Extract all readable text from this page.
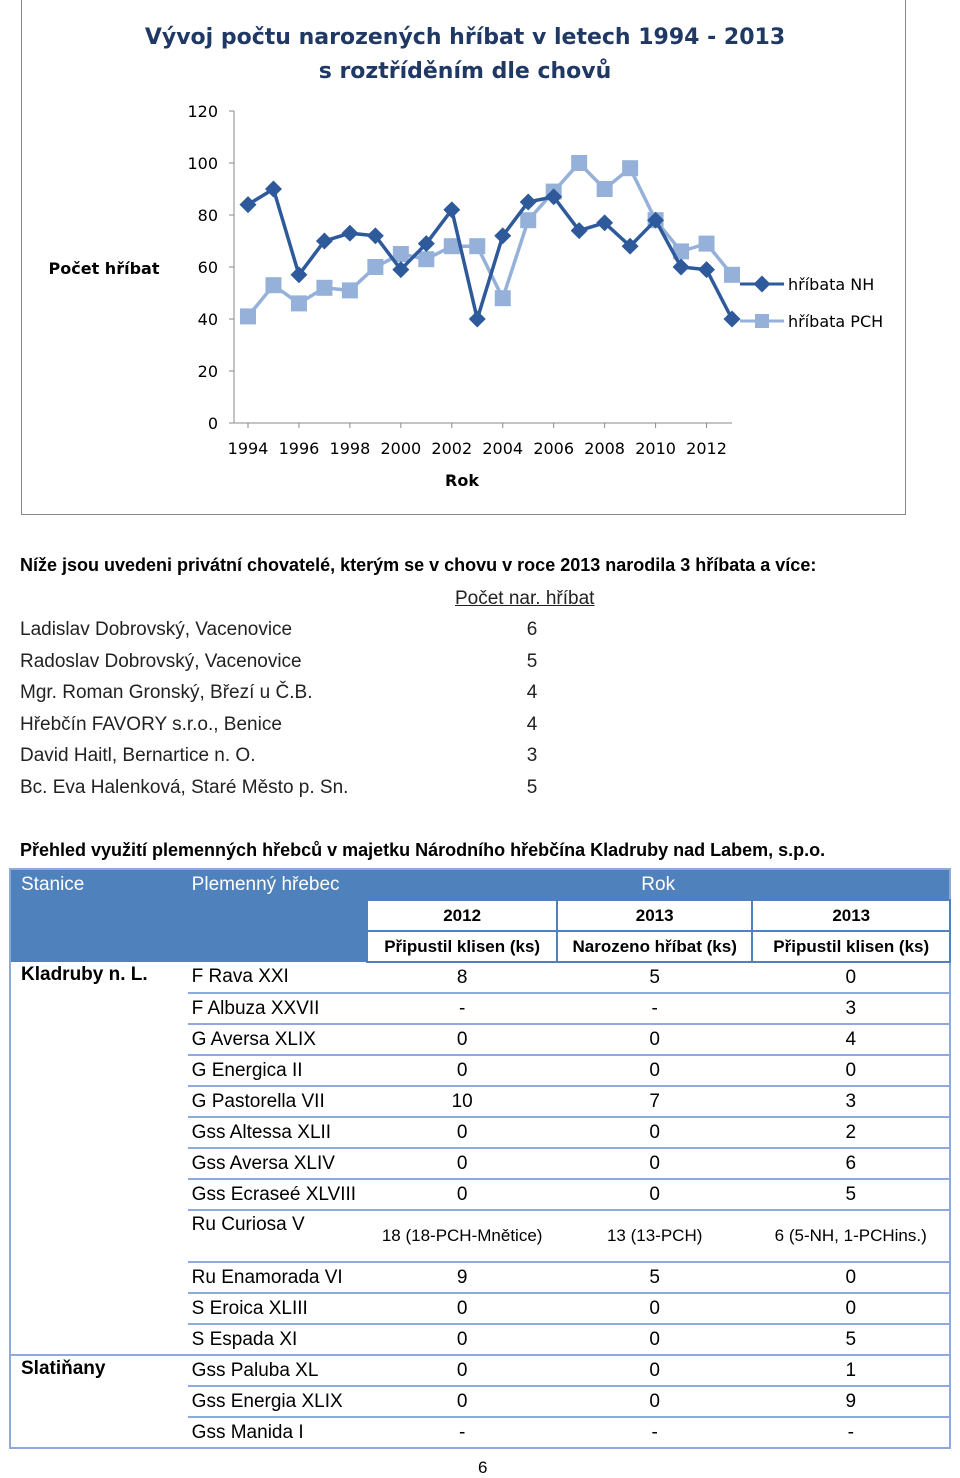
Vývoj počtu narozených hříbat v letech 1994 - 2013
s roztříděním dle chovů
Počet hříbat
Rok
0
20
40
60
80
100
120
1994 1996 1998 2000 2002 2004 2006 2008 2010 2012
hříbata NH
hříbata PCH
Níže jsou uvedeni privátní chovatelé, kterým se v chovu v roce 2013 narodila 3 hříbata a více:
Počet nar. hříbat
Ladislav Dobrovský, Vacenovice	6
Radoslav Dobrovský, Vacenovice	5
Mgr. Roman Gronský, Březí u Č.B.	4
Hřebčín FAVORY s.r.o., Benice	4
David Haitl, Bernartice n. O.	3
Bc. Eva Halenková, Staré Město p. Sn.	5
Přehled využití plemenných hřebců v majetku Národního hřebčína Kladruby nad Labem, s.p.o.
Stanice	Plemenný hřebec	Rok		
		2012	2013	2013
		Připustil klisen (ks)	Narozeno hříbat (ks)	Připustil klisen (ks)
Kladruby n. L.	F Rava XXI	8	5	0
	F Albuza XXVII	-	-	3
	G Aversa XLIX	0	0	4
	G Energica II	0	0	0
	G Pastorella VII	10	7	3
	Gss Altessa XLII	0	0	2
	Gss Aversa XLIV	0	0	6
	Gss Ecraseé XLVIII	0	0	5
	Ru Curiosa V	18 (18-PCH-Mnětice)	13 (13-PCH)	6 (5-NH, 1-PCHins.)
	Ru Enamorada VI	9	5	0
	S Eroica XLIII	0	0	0
	S Espada XI	0	0	5
Slatiňany	Gss Paluba XL	0	0	1
	Gss Energia XLIX	0	0	9
	Gss Manida I	-	-	-
6
